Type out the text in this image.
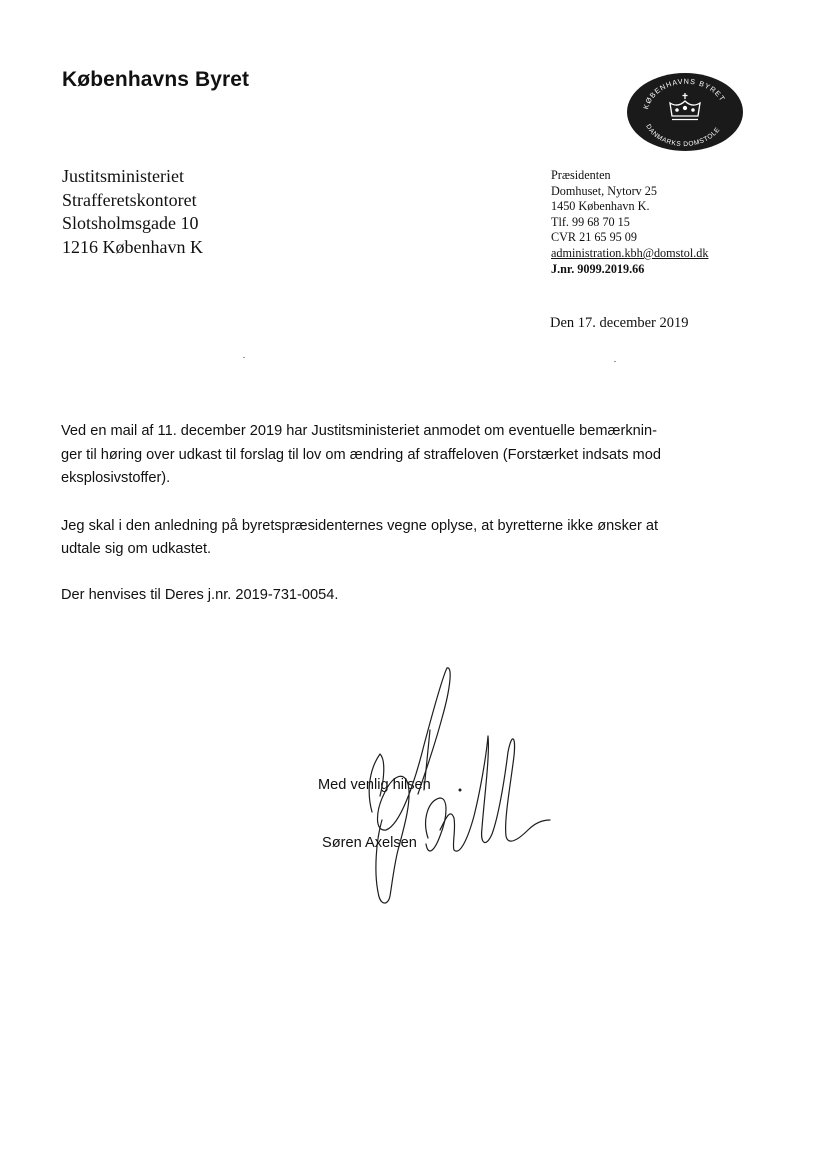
Københavns Byret
KØBENHAVNS BYRET
DANMARKS DOMSTOLE
Justitsministeriet
Strafferetskontoret
Slotsholmsgade 10
1216 København K
Præsidenten
Domhuset, Nytorv 25
1450 København K.
Tlf. 99 68 70 15
CVR 21 65 95 09
administration.kbh@domstol.dk
J.nr. 9099.2019.66
Den 17. december 2019

Ved en mail af 11. december 2019 har Justitsministeriet anmodet om eventuelle bemærknin-
ger til høring over udkast til forslag til lov om ændring af straffeloven (Forstærket indsats mod
eksplosivstoffer).

Jeg skal i den anledning på byretspræsidenternes vegne oplyse, at byretterne ikke ønsker at
udtale sig om udkastet.

Der henvises til Deres j.nr. 2019-731-0054.

Med venlig hilsen
Søren Axelsen
